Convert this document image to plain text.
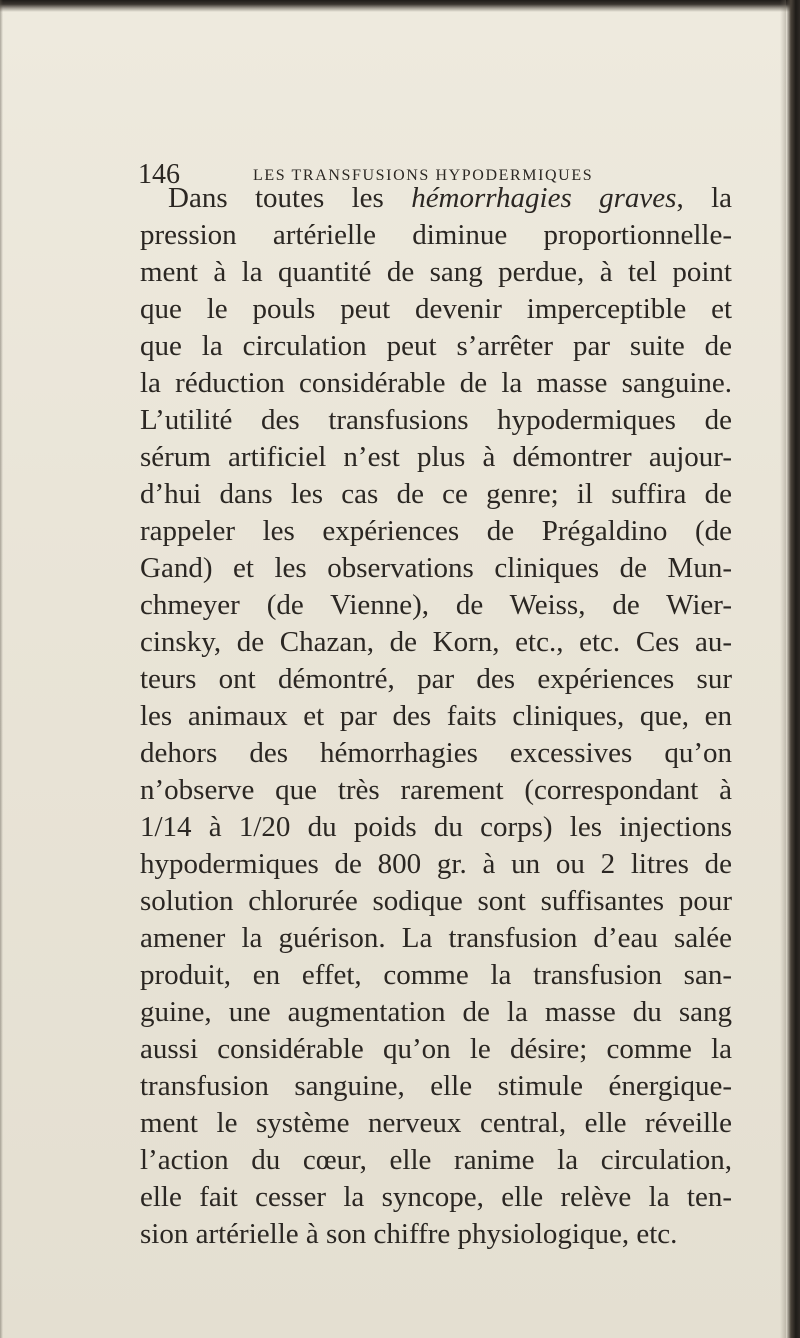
146	LES TRANSFUSIONS HYPODERMIQUES
Dans toutes les hémorrhagies graves, la
pression artérielle diminue proportionnelle-
ment à la quantité de sang perdue, à tel point
que le pouls peut devenir imperceptible et
que la circulation peut s’arrêter par suite de
la réduction considérable de la masse sanguine.
L’utilité des transfusions hypodermiques de
sérum artificiel n’est plus à démontrer aujour-
d’hui dans les cas de ce genre; il suffira de
rappeler les expériences de Prégaldino (de
Gand) et les observations cliniques de Mun-
chmeyer (de Vienne), de Weiss, de Wier-
cinsky, de Chazan, de Korn, etc., etc. Ces au-
teurs ont démontré, par des expériences sur
les animaux et par des faits cliniques, que, en
dehors des hémorrhagies excessives qu’on
n’observe que très rarement (correspondant à
1/14 à 1/20 du poids du corps) les injections
hypodermiques de 800 gr. à un ou 2 litres de
solution chlorurée sodique sont suffisantes pour
amener la guérison. La transfusion d’eau salée
produit, en effet, comme la transfusion san-
guine, une augmentation de la masse du sang
aussi considérable qu’on le désire; comme la
transfusion sanguine, elle stimule énergique-
ment le système nerveux central, elle réveille
l’action du cœur, elle ranime la circulation,
elle fait cesser la syncope, elle relève la ten-
sion artérielle à son chiffre physiologique, etc.
